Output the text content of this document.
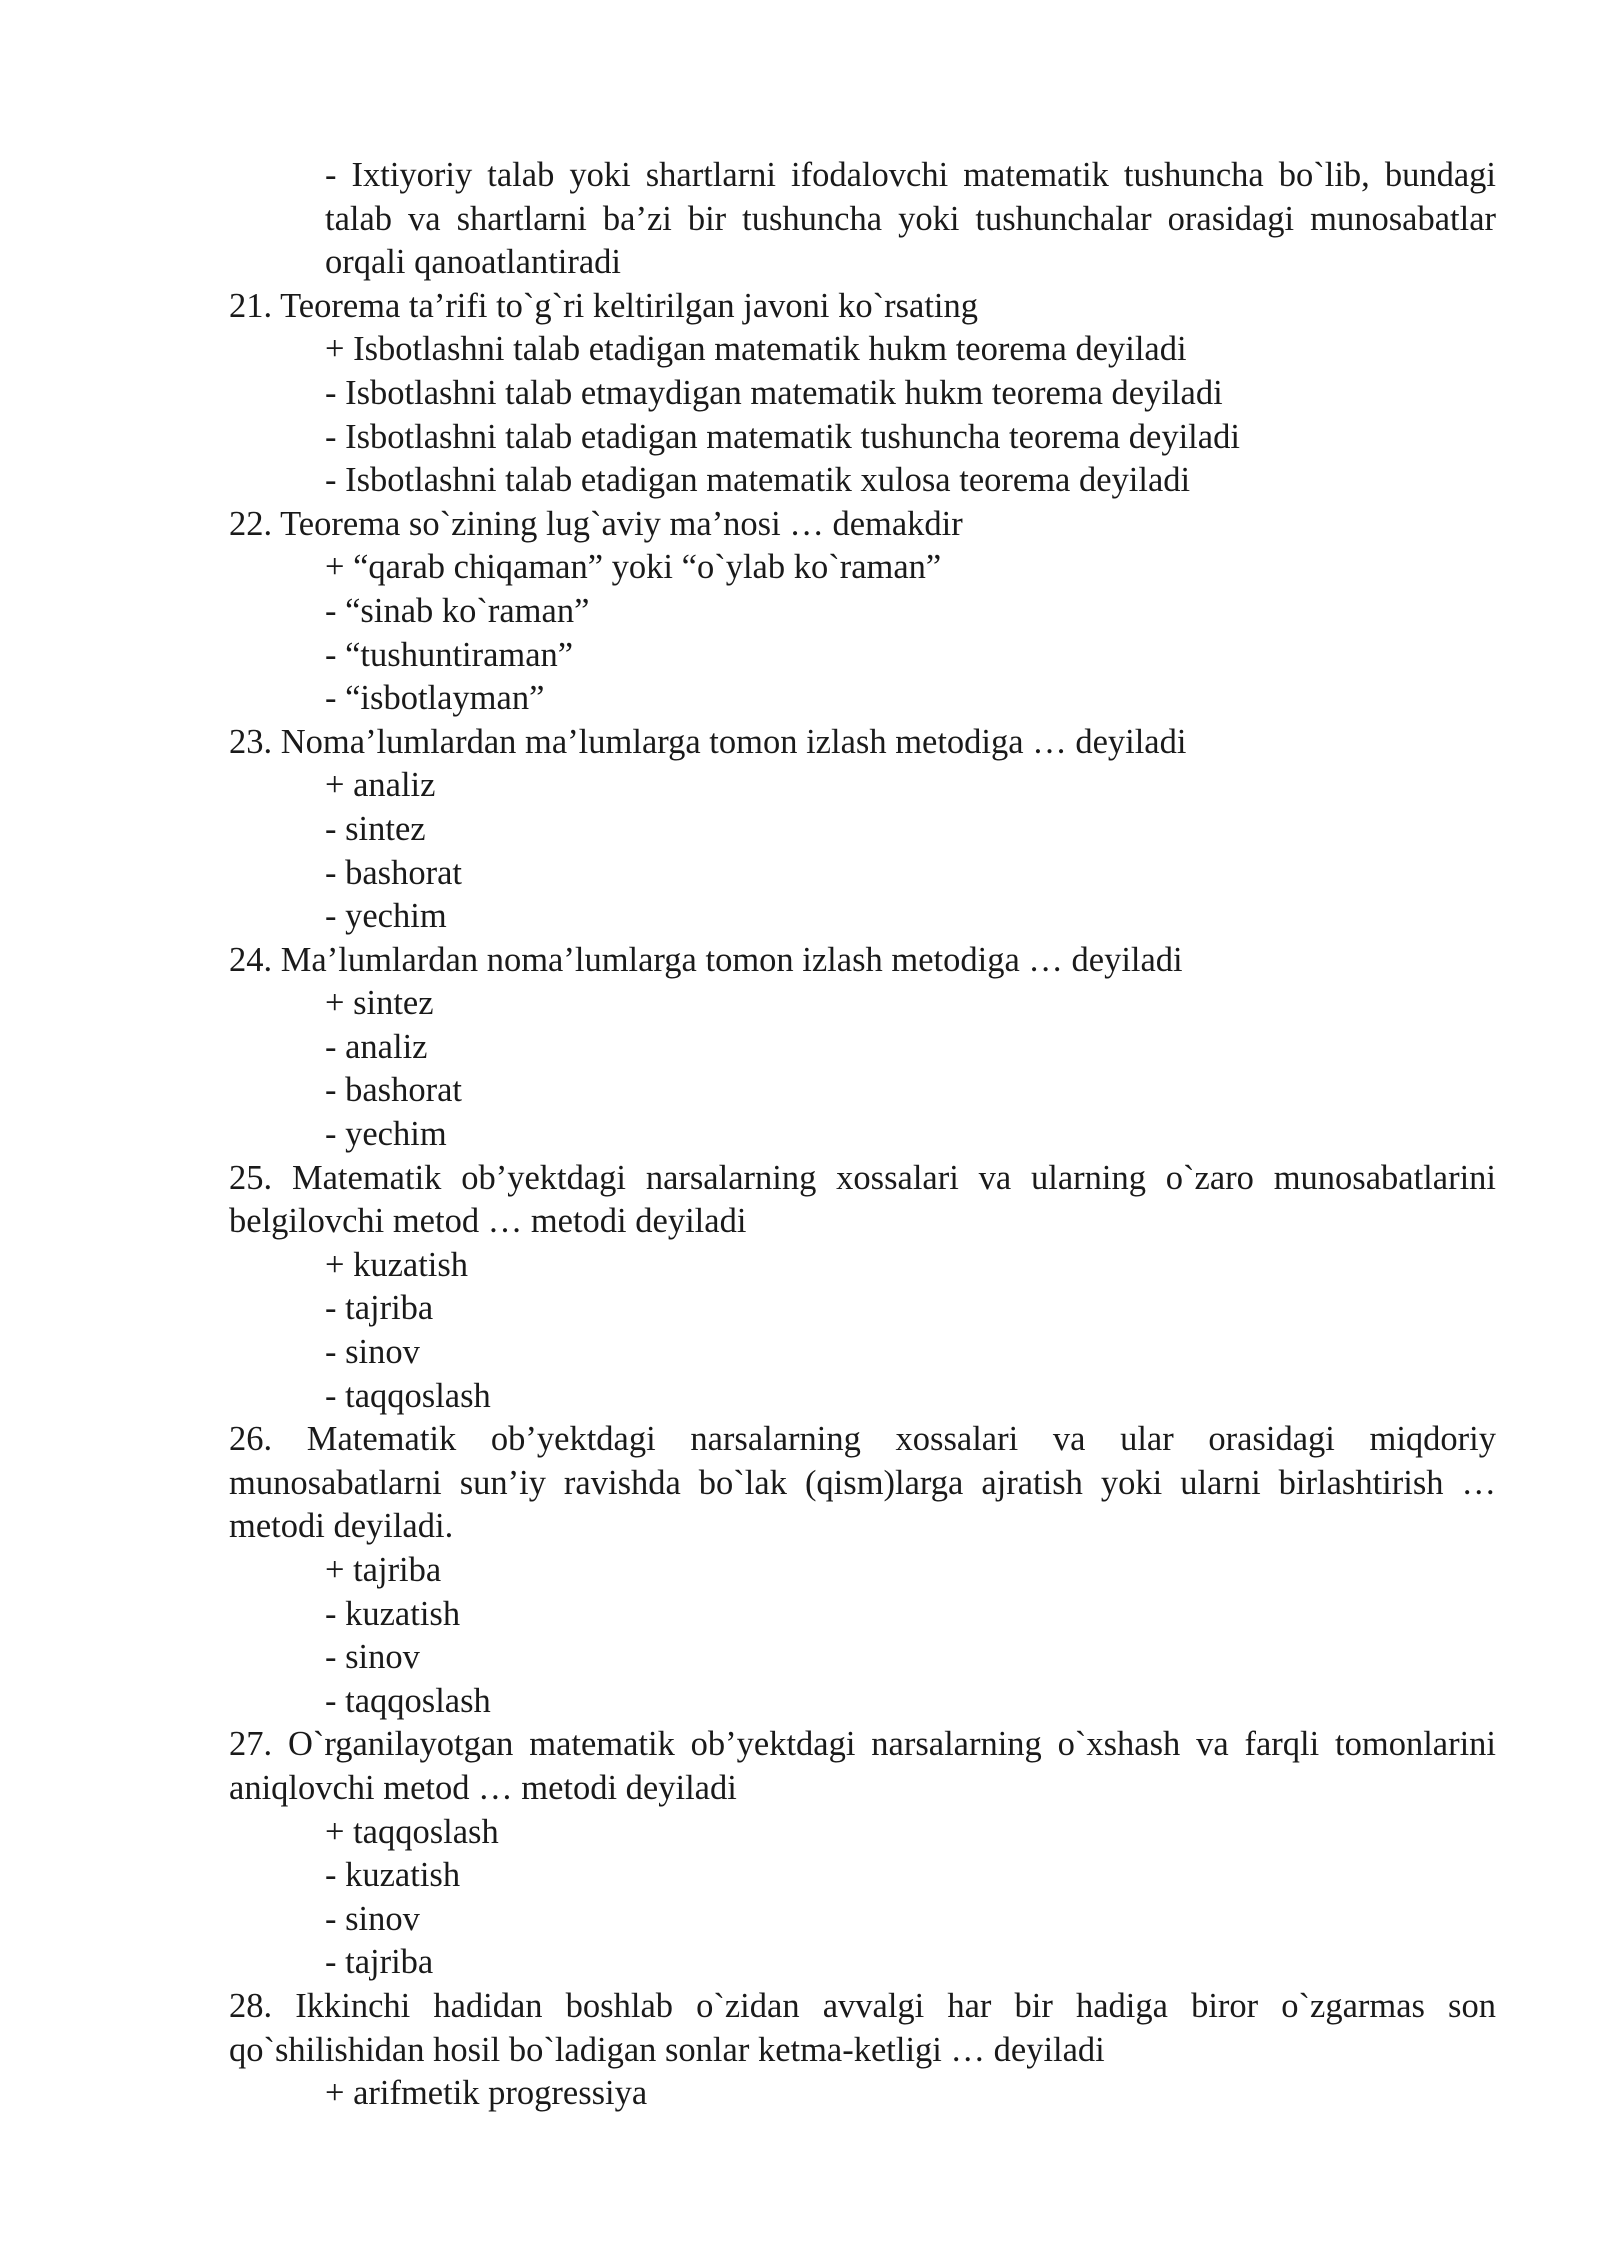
- Ixtiyoriy talab yoki shartlarni ifodalovchi matematik tushuncha bo`lib, bundagi talab va shartlarni ba’zi bir tushuncha yoki tushunchalar orasidagi munosabatlar orqali qanoatlantiradi

21. Teorema ta’rifi to`g`ri keltirilgan javoni ko`rsating

+ Isbotlashni talab etadigan matematik hukm teorema deyiladi
- Isbotlashni talab etmaydigan matematik hukm teorema deyiladi
- Isbotlashni talab etadigan matematik tushuncha teorema deyiladi
- Isbotlashni talab etadigan matematik xulosa teorema deyiladi

22. Teorema so`zining lug`aviy ma’nosi … demakdir

+ “qarab chiqaman” yoki “o`ylab ko`raman”
- “sinab ko`raman”
- “tushuntiraman”
- “isbotlayman”

23. Noma’lumlardan ma’lumlarga tomon izlash metodiga … deyiladi

+ analiz
- sintez
- bashorat
- yechim

24. Ma’lumlardan noma’lumlarga tomon izlash metodiga … deyiladi

+ sintez
- analiz
- bashorat
- yechim

25. Matematik ob’yektdagi narsalarning xossalari va ularning o`zaro munosabatlarini belgilovchi metod … metodi deyiladi

+ kuzatish
- tajriba
- sinov
- taqqoslash

26. Matematik ob’yektdagi narsalarning xossalari va ular orasidagi miqdoriy munosabatlarni sun’iy ravishda bo`lak (qism)larga ajratish yoki ularni birlashtirish … metodi deyiladi.

+ tajriba
- kuzatish
- sinov
- taqqoslash

27. O`rganilayotgan matematik ob’yektdagi narsalarning o`xshash va farqli tomonlarini aniqlovchi metod … metodi deyiladi

+ taqqoslash
- kuzatish
- sinov
- tajriba

28. Ikkinchi hadidan boshlab o`zidan avvalgi har bir hadiga biror o`zgarmas son qo`shilishidan hosil bo`ladigan sonlar ketma-ketligi … deyiladi

+ arifmetik progressiya
